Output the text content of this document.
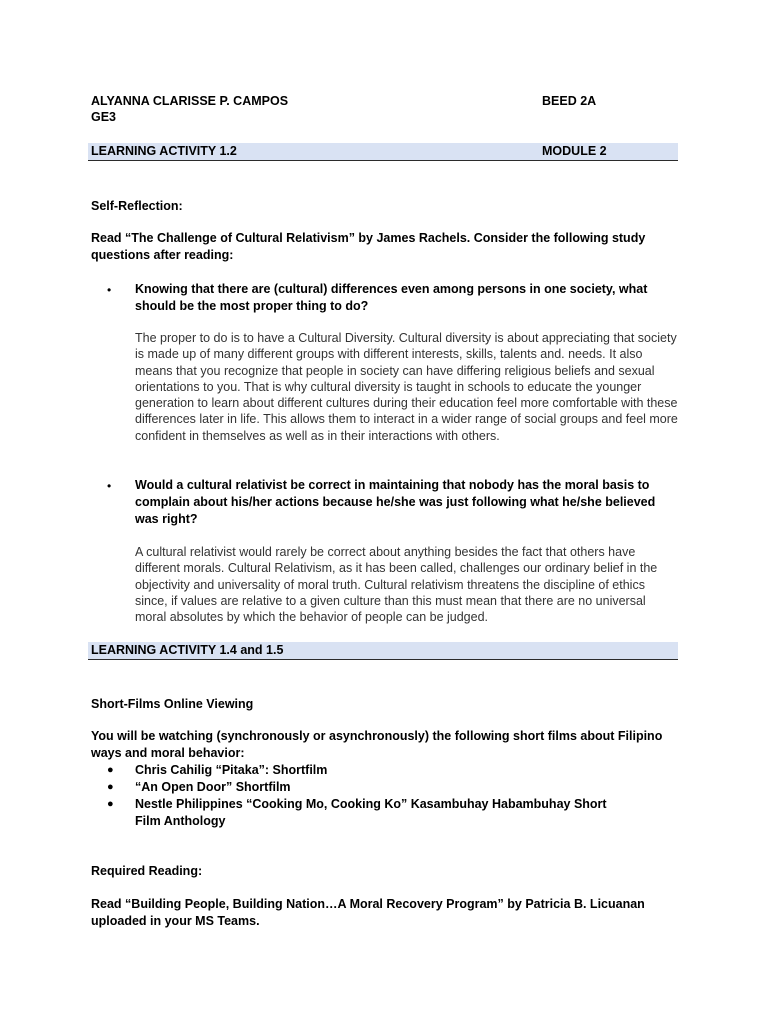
ALYANNA CLARISSE P. CAMPOS	BEED 2A
GE3
LEARNING ACTIVITY 1.2	MODULE 2
Self-Reflection:
Read “The Challenge of Cultural Relativism” by James Rachels. Consider the following study questions after reading:
• Knowing that there are (cultural) differences even among persons in one society, what should be the most proper thing to do?
The proper to do is to have a Cultural Diversity. Cultural diversity is about appreciating that society is made up of many different groups with different interests, skills, talents and. needs. It also means that you recognize that people in society can have differing religious beliefs and sexual orientations to you. That is why cultural diversity is taught in schools to educate the younger generation to learn about different cultures during their education feel more comfortable with these differences later in life. This allows them to interact in a wider range of social groups and feel more confident in themselves as well as in their interactions with others.
• Would a cultural relativist be correct in maintaining that nobody has the moral basis to complain about his/her actions because he/she was just following what he/she believed was right?
A cultural relativist would rarely be correct about anything besides the fact that others have different morals. Cultural Relativism, as it has been called, challenges our ordinary belief in the objectivity and universality of moral truth. Cultural relativism threatens the discipline of ethics since, if values are relative to a given culture than this must mean that there are no universal moral absolutes by which the behavior of people can be judged.
LEARNING ACTIVITY 1.4 and 1.5
Short-Films Online Viewing
You will be watching (synchronously or asynchronously) the following short films about Filipino ways and moral behavior:
● Chris Cahilig “Pitaka”: Shortfilm
● “An Open Door” Shortfilm
● Nestle Philippines “Cooking Mo, Cooking Ko” Kasambuhay Habambuhay Short Film Anthology
Required Reading:
Read “Building People, Building Nation…A Moral Recovery Program” by Patricia B. Licuanan uploaded in your MS Teams.
